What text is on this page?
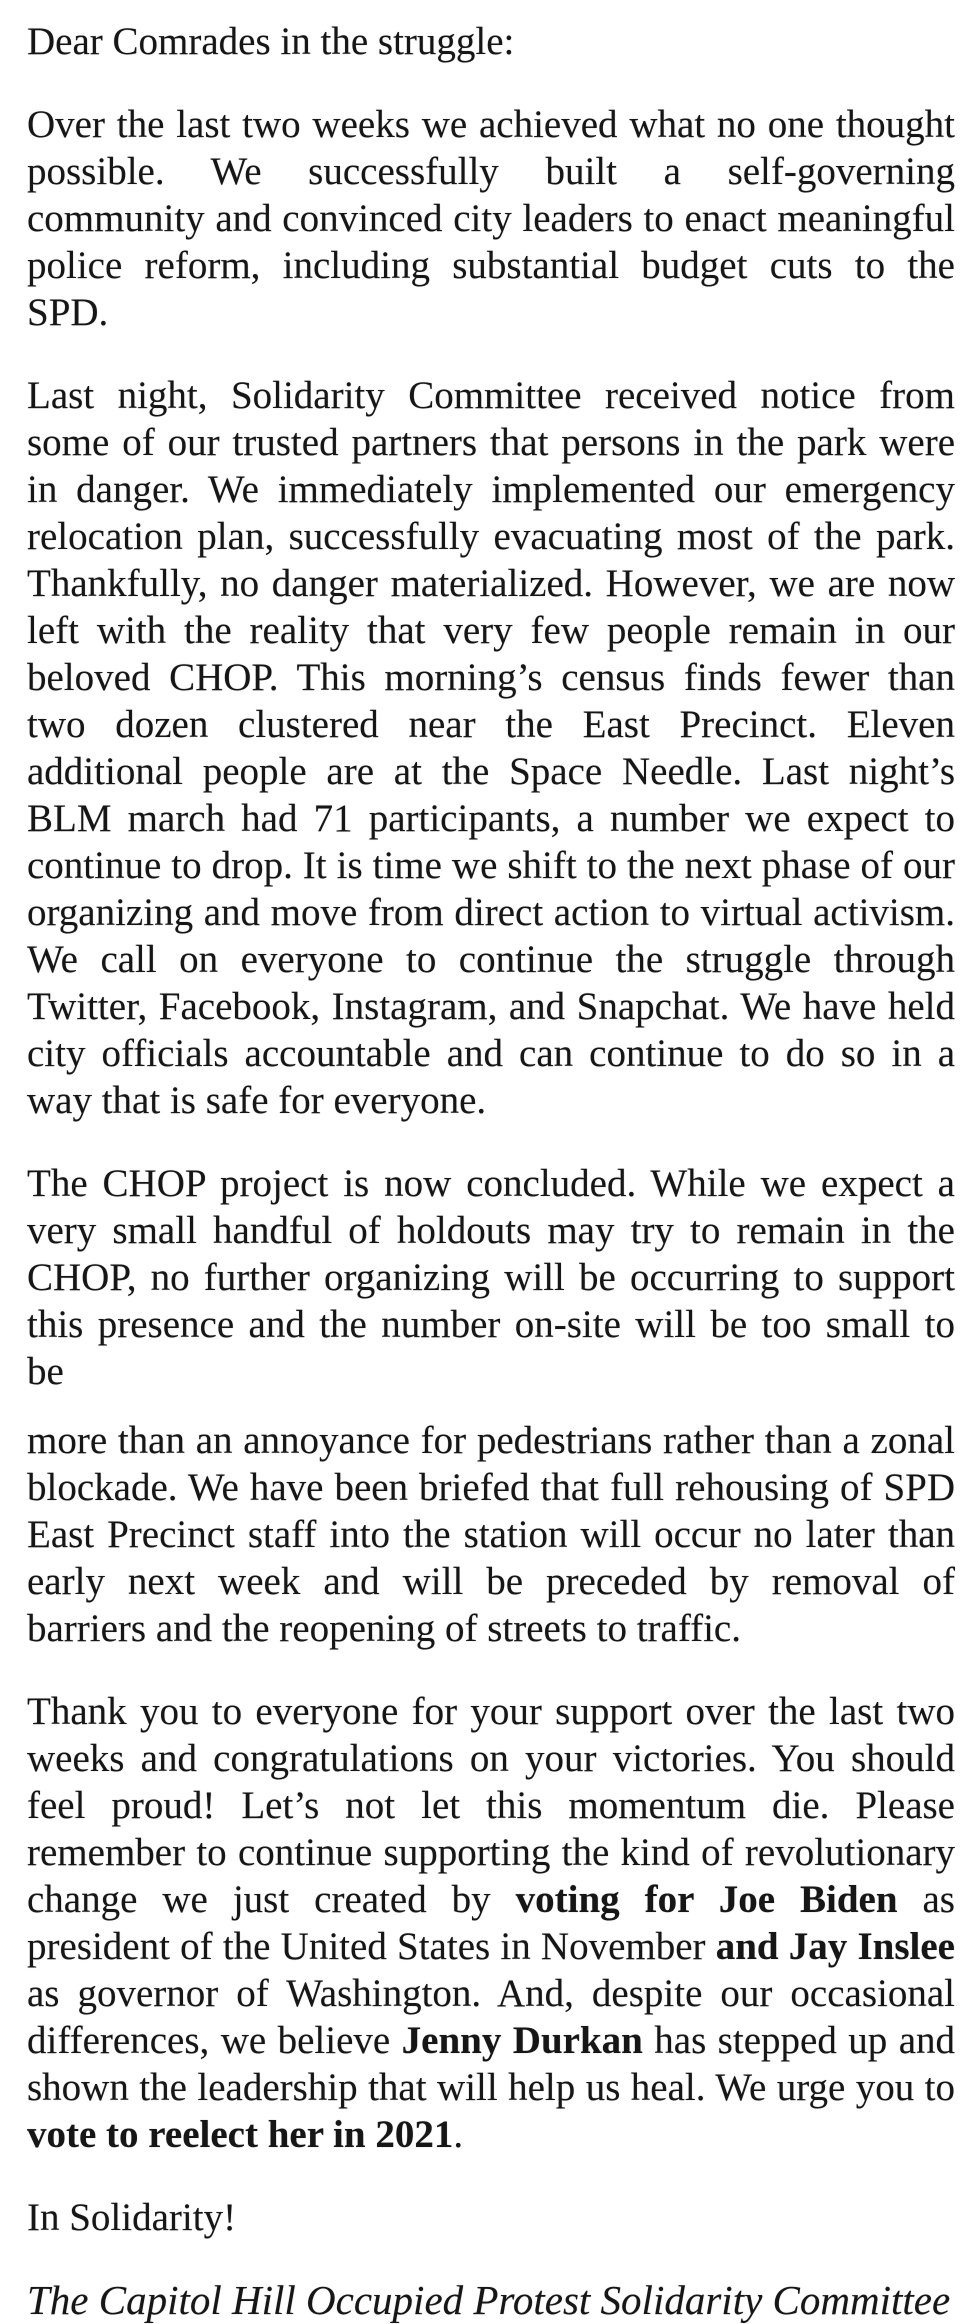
Dear Comrades in the struggle:

Over the last two weeks we achieved what no one thought possible. We successfully built a self-governing community and convinced city leaders to enact meaningful police reform, including substantial budget cuts to the SPD.

Last night, Solidarity Committee received notice from some of our trusted partners that persons in the park were in danger. We immediately implemented our emergency relocation plan, successfully evacuating most of the park. Thankfully, no danger materialized. However, we are now left with the reality that very few people remain in our beloved CHOP. This morning’s census finds fewer than two dozen clustered near the East Precinct. Eleven additional people are at the Space Needle. Last night’s BLM march had 71 participants, a number we expect to continue to drop. It is time we shift to the next phase of our organizing and move from direct action to virtual activism. We call on everyone to continue the struggle through Twitter, Facebook, Instagram, and Snapchat. We have held city officials accountable and can continue to do so in a way that is safe for everyone.

The CHOP project is now concluded. While we expect a very small handful of holdouts may try to remain in the CHOP, no further organizing will be occurring to support this presence and the number on-site will be too small to be

more than an annoyance for pedestrians rather than a zonal blockade. We have been briefed that full rehousing of SPD East Precinct staff into the station will occur no later than early next week and will be preceded by removal of barriers and the reopening of streets to traffic.

Thank you to everyone for your support over the last two weeks and congratulations on your victories. You should feel proud! Let’s not let this momentum die. Please remember to continue supporting the kind of revolutionary change we just created by voting for Joe Biden as president of the United States in November and Jay Inslee as governor of Washington. And, despite our occasional differences, we believe Jenny Durkan has stepped up and shown the leadership that will help us heal. We urge you to vote to reelect her in 2021.

In Solidarity!

The Capitol Hill Occupied Protest Solidarity Committee
